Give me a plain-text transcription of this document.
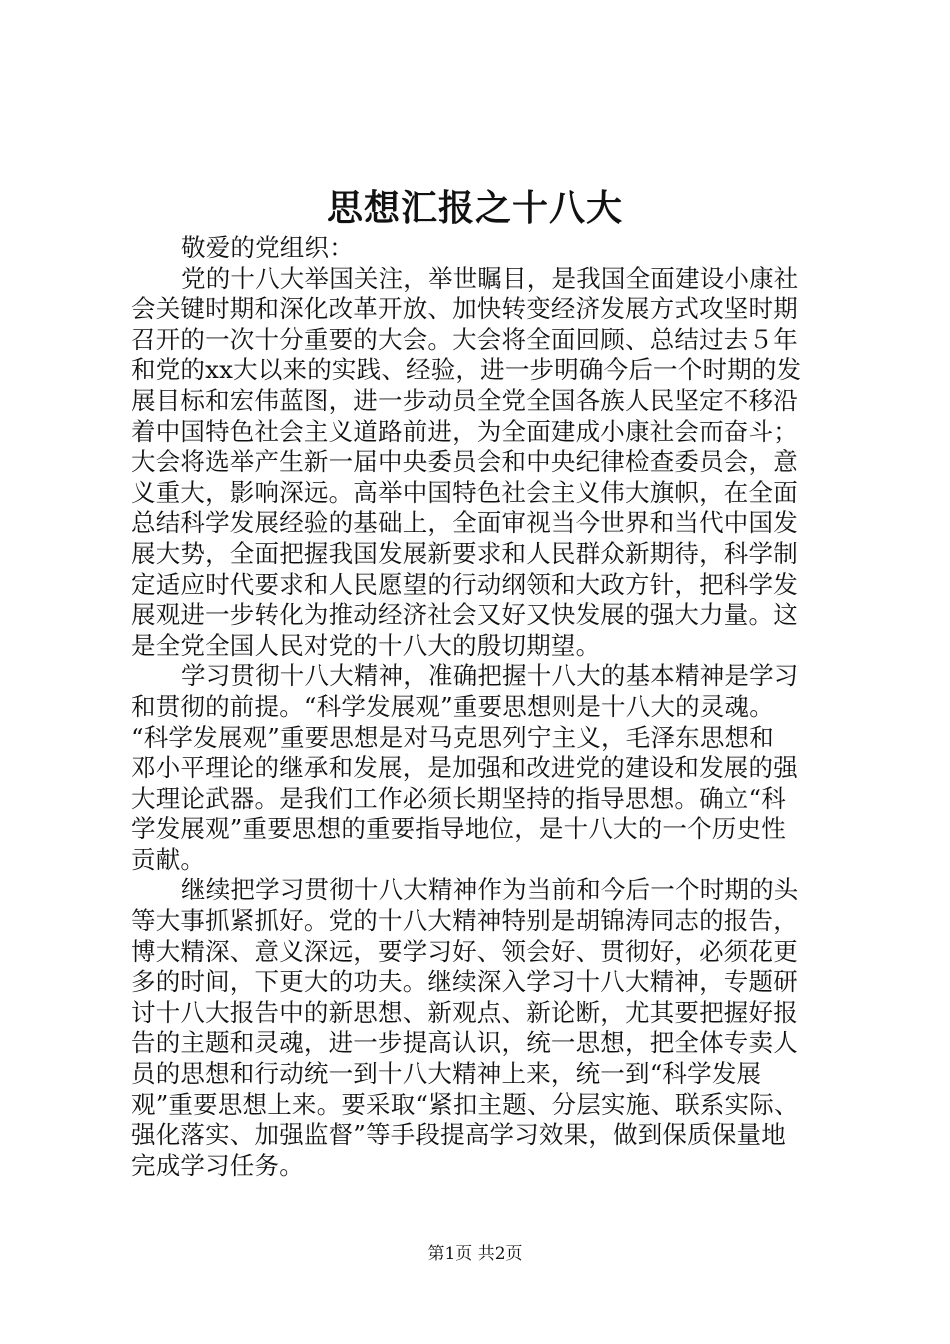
思想汇报之十八大
敬爱的党组织：
党的十八大举国关注，举世瞩目，是我国全面建设小康社
会关键时期和深化改革开放、加快转变经济发展方式攻坚时期
召开的一次十分重要的大会。大会将全面回顾、总结过去５年
和党的xx大以来的实践、经验，进一步明确今后一个时期的发
展目标和宏伟蓝图，进一步动员全党全国各族人民坚定不移沿
着中国特色社会主义道路前进，为全面建成小康社会而奋斗；
大会将选举产生新一届中央委员会和中央纪律检查委员会，意
义重大，影响深远。高举中国特色社会主义伟大旗帜，在全面
总结科学发展经验的基础上，全面审视当今世界和当代中国发
展大势，全面把握我国发展新要求和人民群众新期待，科学制
定适应时代要求和人民愿望的行动纲领和大政方针，把科学发
展观进一步转化为推动经济社会又好又快发展的强大力量。这
是全党全国人民对党的十八大的殷切期望。
学习贯彻十八大精神，准确把握十八大的基本精神是学习
和贯彻的前提。“科学发展观”重要思想则是十八大的灵魂。
“科学发展观”重要思想是对马克思列宁主义，毛泽东思想和
邓小平理论的继承和发展，是加强和改进党的建设和发展的强
大理论武器。是我们工作必须长期坚持的指导思想。确立“科
学发展观”重要思想的重要指导地位，是十八大的一个历史性
贡献。
继续把学习贯彻十八大精神作为当前和今后一个时期的头
等大事抓紧抓好。党的十八大精神特别是胡锦涛同志的报告，
博大精深、意义深远，要学习好、领会好、贯彻好，必须花更
多的时间，下更大的功夫。继续深入学习十八大精神，专题研
讨十八大报告中的新思想、新观点、新论断，尤其要把握好报
告的主题和灵魂，进一步提高认识，统一思想，把全体专卖人
员的思想和行动统一到十八大精神上来，统一到“科学发展
观”重要思想上来。要采取“紧扣主题、分层实施、联系实际、
强化落实、加强监督”等手段提高学习效果，做到保质保量地
完成学习任务。
第1页 共2页
